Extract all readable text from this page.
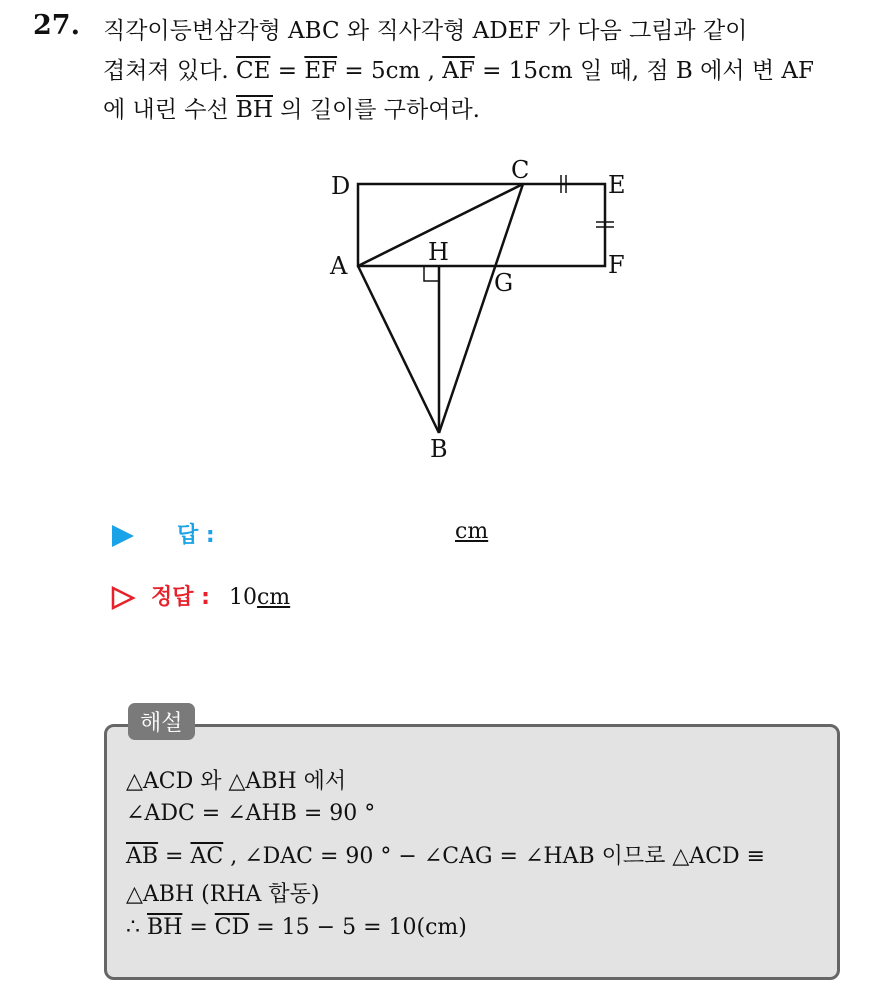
27. 직각이등변삼각형 ABC 와 직사각형 ADEF 가 다음 그림과 같이
겹쳐져 있다. $\overline{CE} = \overline{EF} = 5cm$ , $\overline{AF} = 15cm$ 일 때, 점 B 에서 변 AF
에 내린 수선 $\overline{BH}$ 의 길이를 구하여라.
D
C
E
A	H
G
F
B
답 :	cm
정답 : 10cm
해설
△ACD 와 △ABH 에서
∠ADC = ∠AHB = 90 °
$\overline{AB} = \overline{AC}$ , ∠DAC = 90 ° − ∠CAG = ∠HAB 이므로 △ACD ≡
△ABH (RHA 합동)
∴ $\overline{BH} = \overline{CD} = 15 - 5 = 10(cm)$
